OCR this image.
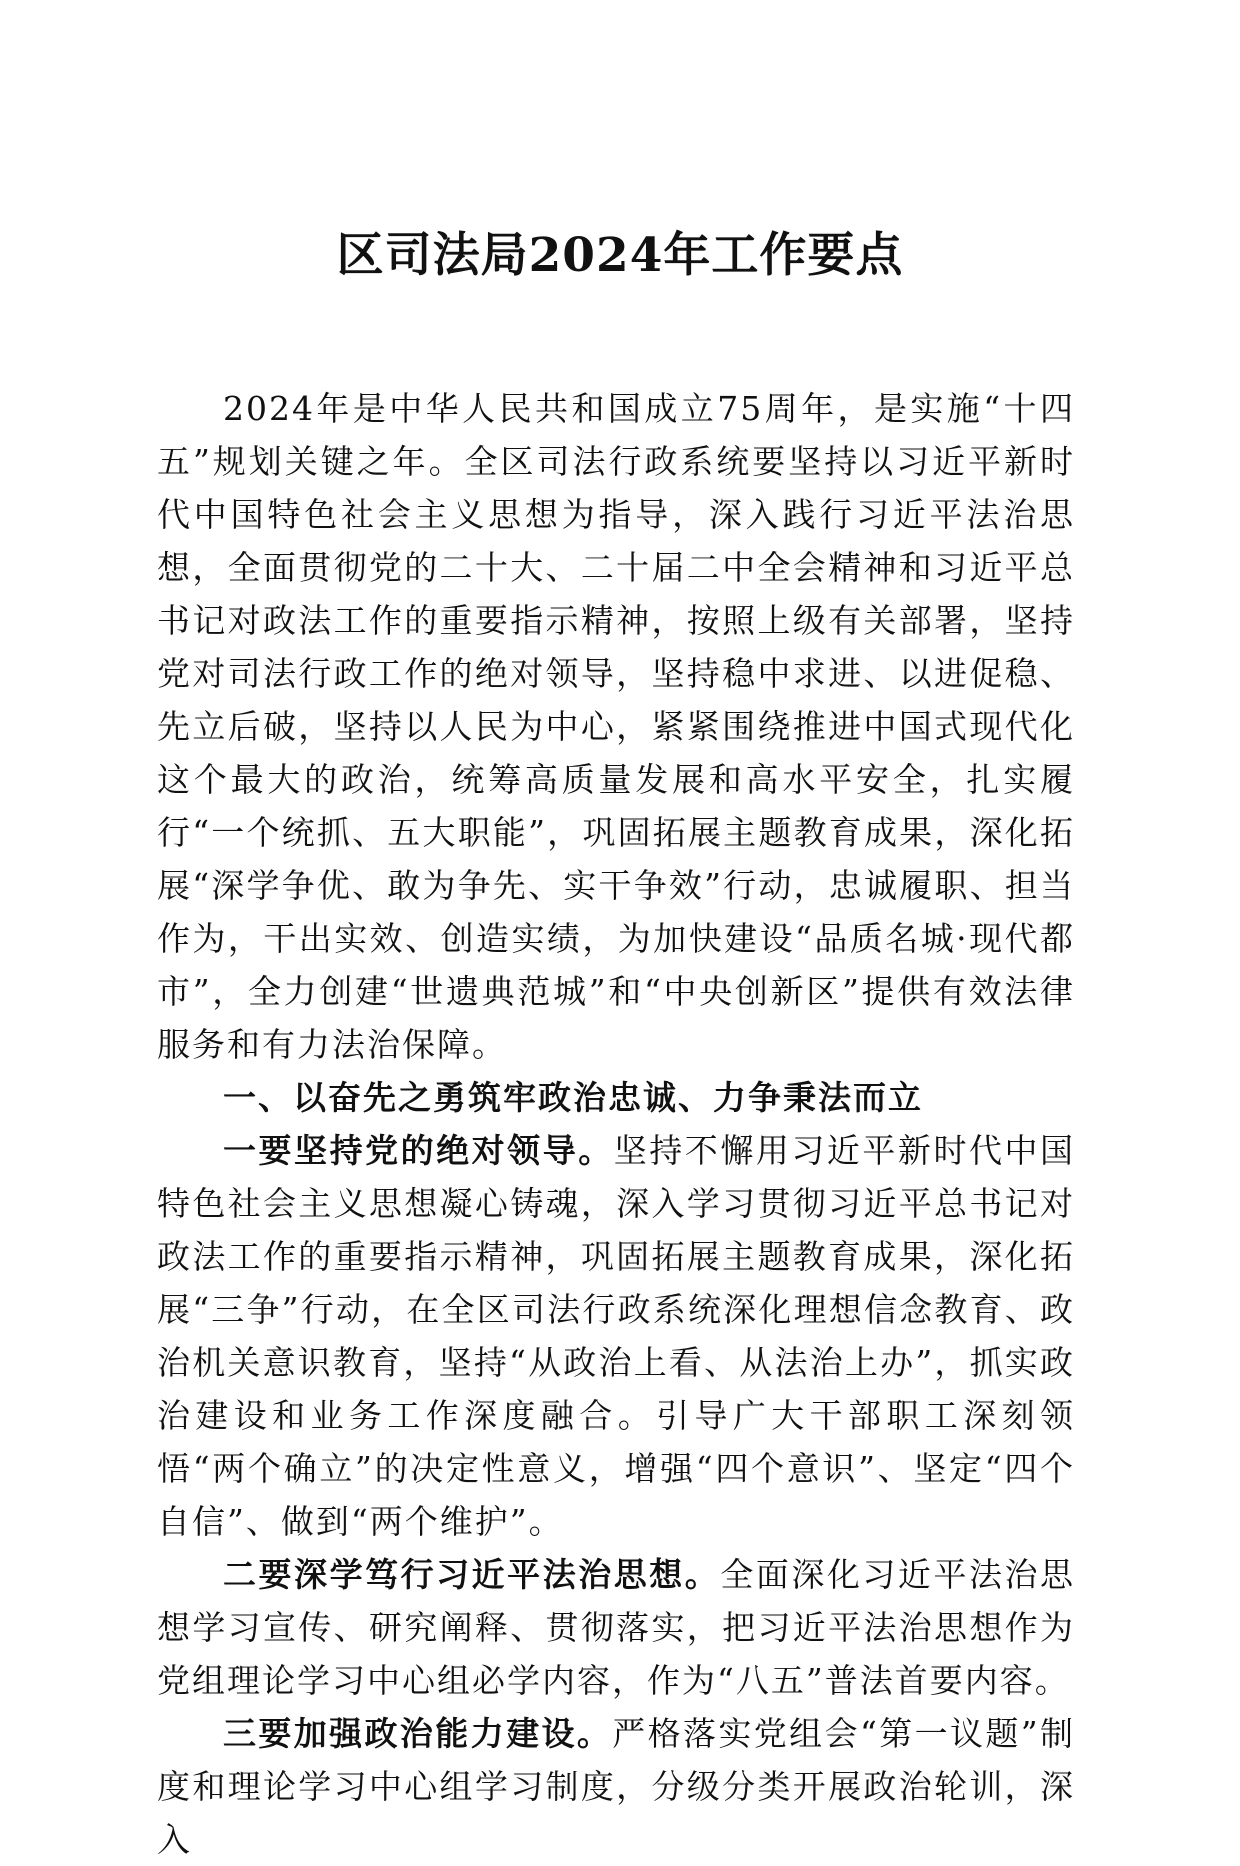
区司法局2024年工作要点

2024年是中华人民共和国成立75周年，是实施“十四五”规划关键之年。全区司法行政系统要坚持以习近平新时代中国特色社会主义思想为指导，深入践行习近平法治思想，全面贯彻党的二十大、二十届二中全会精神和习近平总书记对政法工作的重要指示精神，按照上级有关部署，坚持党对司法行政工作的绝对领导，坚持稳中求进、以进促稳、先立后破，坚持以人民为中心，紧紧围绕推进中国式现代化这个最大的政治，统筹高质量发展和高水平安全，扎实履行“一个统抓、五大职能”，巩固拓展主题教育成果，深化拓展“深学争优、敢为争先、实干争效”行动，忠诚履职、担当作为，干出实效、创造实绩，为加快建设“品质名城·现代都市”，全力创建“世遗典范城”和“中央创新区”提供有效法律服务和有力法治保障。

一、以奋先之勇筑牢政治忠诚、力争秉法而立

一要坚持党的绝对领导。坚持不懈用习近平新时代中国特色社会主义思想凝心铸魂，深入学习贯彻习近平总书记对政法工作的重要指示精神，巩固拓展主题教育成果，深化拓展“三争”行动，在全区司法行政系统深化理想信念教育、政治机关意识教育，坚持“从政治上看、从法治上办”，抓实政治建设和业务工作深度融合。引导广大干部职工深刻领悟“两个确立”的决定性意义，增强“四个意识”、坚定“四个自信”、做到“两个维护”。

二要深学笃行习近平法治思想。全面深化习近平法治思想学习宣传、研究阐释、贯彻落实，把习近平法治思想作为党组理论学习中心组必学内容，作为“八五”普法首要内容。

三要加强政治能力建设。严格落实党组会“第一议题”制度和理论学习中心组学习制度，分级分类开展政治轮训，深入
